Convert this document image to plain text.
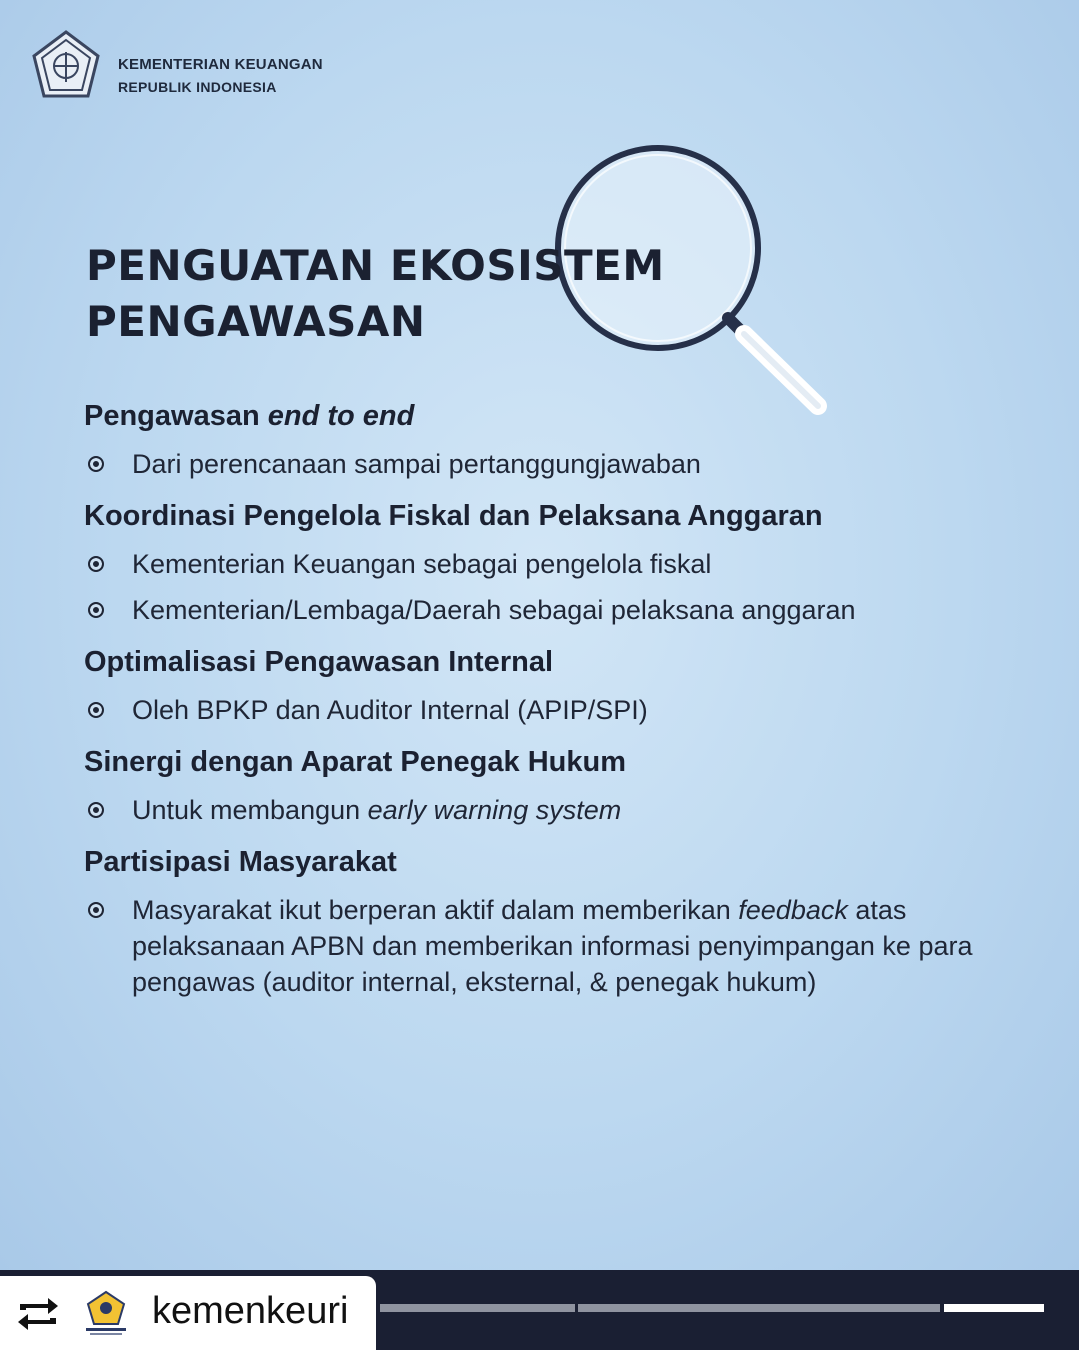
KEMENTERIAN KEUANGAN
REPUBLIK INDONESIA
PENGUATAN EKOSISTEM
PENGAWASAN
Pengawasan end to end
Dari perencanaan sampai pertanggungjawaban
Koordinasi Pengelola Fiskal dan Pelaksana Anggaran
Kementerian Keuangan sebagai pengelola fiskal
Kementerian/Lembaga/Daerah sebagai pelaksana anggaran
Optimalisasi Pengawasan Internal
Oleh BPKP dan Auditor Internal (APIP/SPI)
Sinergi dengan Aparat Penegak Hukum
Untuk membangun early warning system
Partisipasi Masyarakat
Masyarakat ikut berperan aktif dalam memberikan feedback atas pelaksanaan APBN dan memberikan informasi penyimpangan ke para pengawas (auditor internal, eksternal, & penegak hukum)
kemenkeuri
